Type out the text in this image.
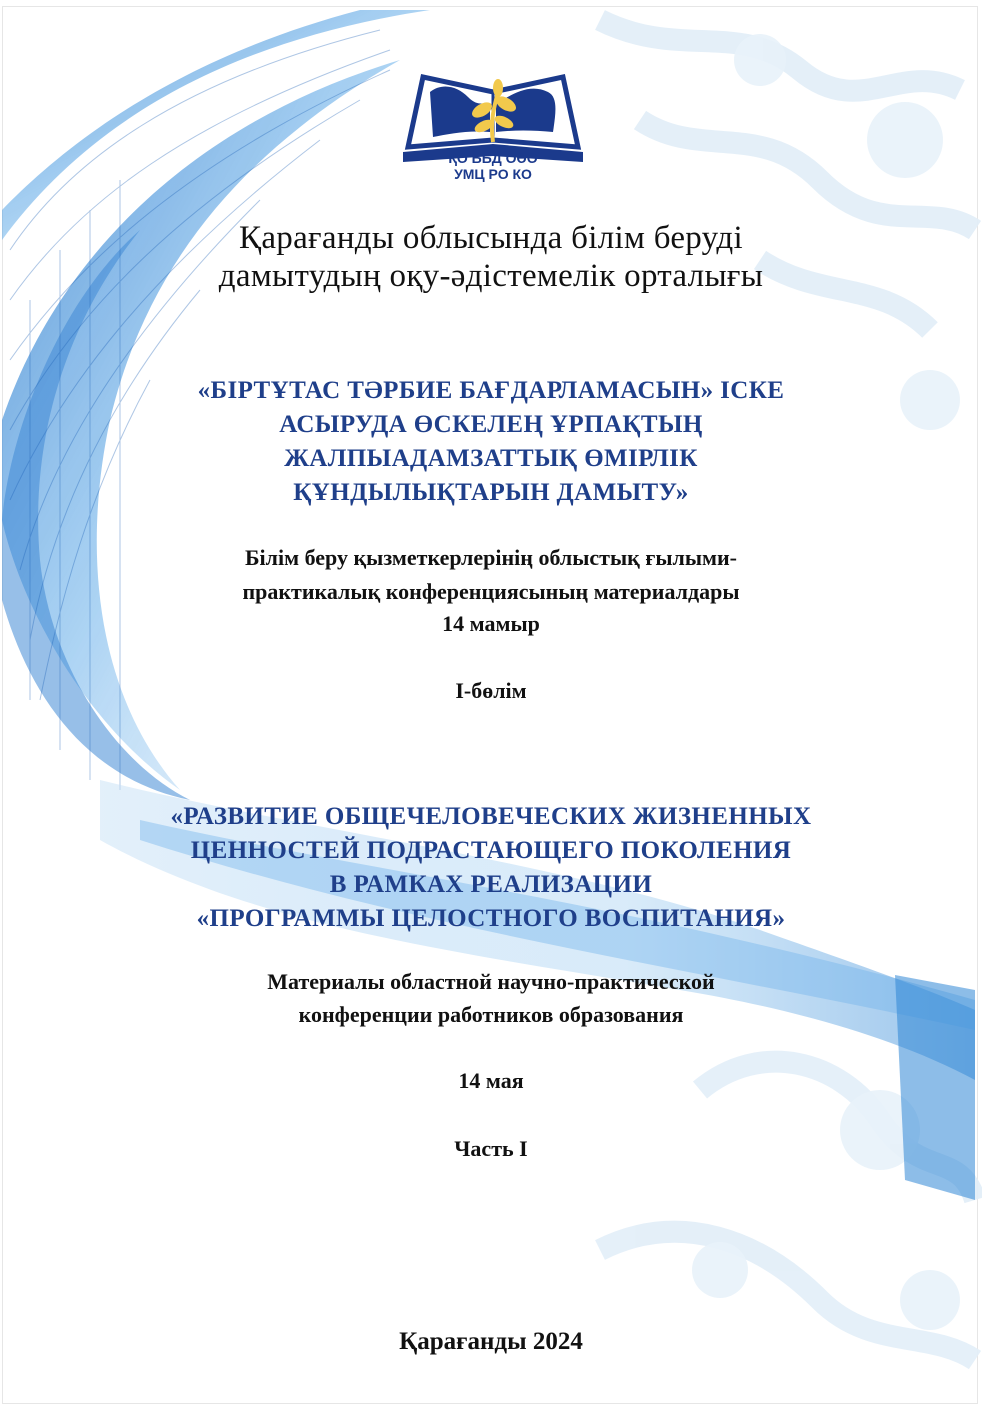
ҚО ББД ОӘО
УМЦ РО КО
Қарағанды облысында білім беруді
дамытудың оқу-әдістемелік орталығы
«БІРТҰТАС ТӘРБИЕ БАҒДАРЛАМАСЫН» ІСКЕ
АСЫРУДА ӨСКЕЛЕҢ ҰРПАҚТЫҢ
ЖАЛПЫАДАМЗАТТЫҚ ӨМІРЛІК
ҚҰНДЫЛЫҚТАРЫН ДАМЫТУ»
Білім беру қызметкерлерінің облыстық ғылыми-
практикалық конференциясының материалдары
14 мамыр
I-бөлім
«РАЗВИТИЕ ОБЩЕЧЕЛОВЕЧЕСКИХ ЖИЗНЕННЫХ
ЦЕННОСТЕЙ ПОДРАСТАЮЩЕГО ПОКОЛЕНИЯ
В РАМКАХ РЕАЛИЗАЦИИ
«ПРОГРАММЫ ЦЕЛОСТНОГО ВОСПИТАНИЯ»
Материалы областной научно-практической
конференции работников образования
14 мая
Часть I
Қарағанды 2024
